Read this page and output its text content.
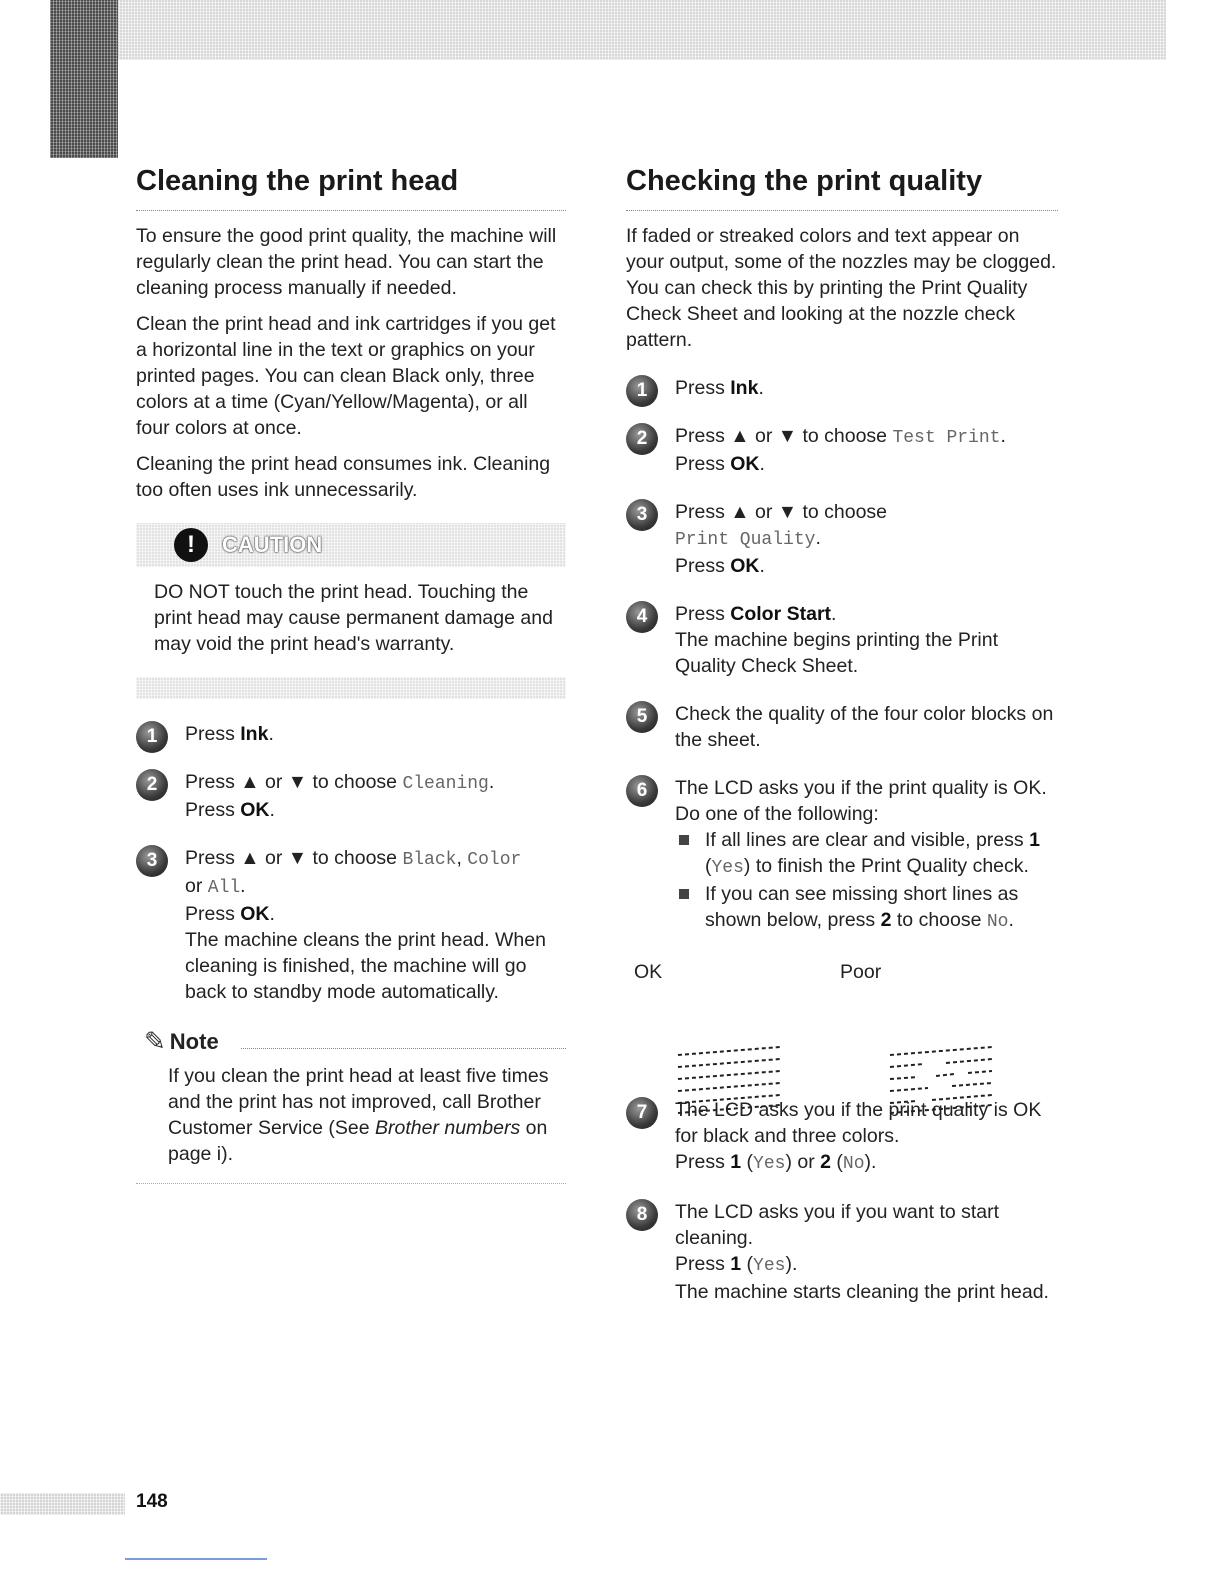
Cleaning the print head

To ensure the good print quality, the machine will regularly clean the print head. You can start the cleaning process manually if needed.

Clean the print head and ink cartridges if you get a horizontal line in the text or graphics on your printed pages. You can clean Black only, three colors at a time (Cyan/Yellow/Magenta), or all four colors at once.

Cleaning the print head consumes ink. Cleaning too often uses ink unnecessarily.

!	CAUTION

DO NOT touch the print head. Touching the print head may cause permanent damage and may void the print head's warranty.

1	Press Ink.
2	Press ▲ or ▼ to choose Cleaning.
Press OK.
3	Press ▲ or ▼ to choose Black, Color
or All.
Press OK.
The machine cleans the print head. When cleaning is finished, the machine will go back to standby mode automatically.
✎ Note

If you clean the print head at least five times and the print has not improved, call Brother Customer Service (See Brother numbers on page i).

Checking the print quality

If faded or streaked colors and text appear on your output, some of the nozzles may be clogged. You can check this by printing the Print Quality Check Sheet and looking at the nozzle check pattern.

1	Press Ink.
2	Press ▲ or ▼ to choose Test Print.
Press OK.
3	Press ▲ or ▼ to choose
Print Quality.
Press OK.
4	Press Color Start.
The machine begins printing the Print Quality Check Sheet.
5	Check the quality of the four color blocks on the sheet.
6	The LCD asks you if the print quality is OK.
Do one of the following:
If all lines are clear and visible, press 1 (Yes) to finish the Print Quality check.
If you can see missing short lines as shown below, press 2 to choose No.
OK	Poor
7	The LCD asks you if the print quality is OK for black and three colors.
Press 1 (Yes) or 2 (No).
8	The LCD asks you if you want to start cleaning.
Press 1 (Yes).
The machine starts cleaning the print head.
148
